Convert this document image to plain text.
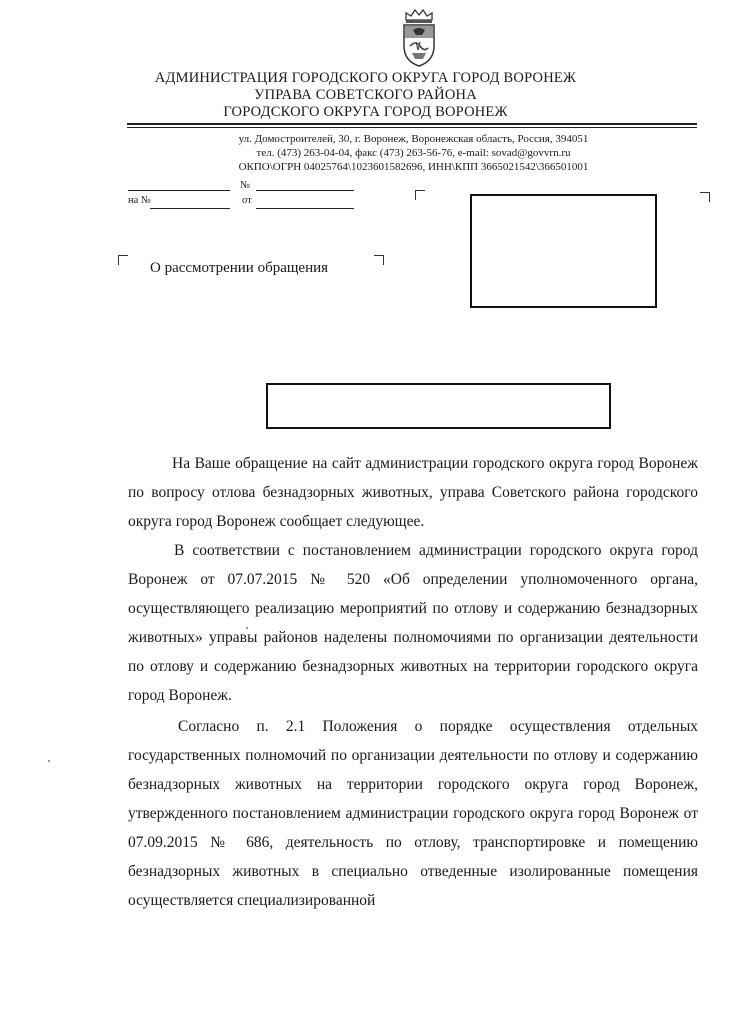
АДМИНИСТРАЦИЯ ГОРОДСКОГО ОКРУГА ГОРОД ВОРОНЕЖ
УПРАВА СОВЕТСКОГО РАЙОНА
ГОРОДСКОГО ОКРУГА ГОРОД ВОРОНЕЖ
ул. Домостроителей, 30, г. Воронеж, Воронежская область, Россия, 394051
тел. (473) 263-04-04, факс (473) 263-56-76, e-mail: sovad@govvrn.ru
ОКПО\ОГРН 04025764\1023601582696, ИНН\КПП 3665021542\366501001
№
на №	от
О рассмотрении обращения
На Ваше обращение на сайт администрации городского округа город Воронеж по вопросу отлова безнадзорных животных, управа Советского района городского округа город Воронеж сообщает следующее.
В соответствии с постановлением администрации городского округа город Воронеж от 07.07.2015 № 520 «Об определении уполномоченного органа, осуществляющего реализацию мероприятий по отлову и содержанию безнадзорных животных» управы районов наделены полномочиями по организации деятельности по отлову и содержанию безнадзорных животных на территории городского округа город Воронеж.
Согласно п. 2.1 Положения о порядке осуществления отдельных государственных полномочий по организации деятельности по отлову и содержанию безнадзорных животных на территории городского округа город Воронеж, утвержденного постановлением администрации городского округа город Воронеж от 07.09.2015 № 686, деятельность по отлову, транспортировке и помещению безнадзорных животных в специально отведенные изолированные помещения осуществляется специализированной
